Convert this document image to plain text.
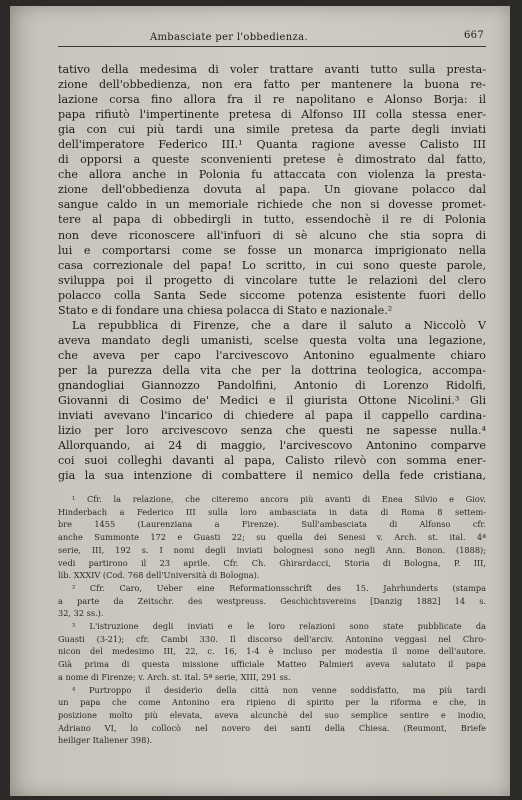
Ambasciate per l'obbedienza.	667
tativo della medesima di voler trattare avanti tutto sulla presta-
zione dell'obbedienza, non era fatto per mantenere la buona re-
lazione corsa fino allora fra il re napolitano e Alonso Borja: il
papa rifiutò l'impertinente pretesa di Alfonso III colla stessa ener-
gia con cui più tardi una simile pretesa da parte degli inviati
dell'imperatore Federico III.¹ Quanta ragione avesse Calisto III
di opporsi a queste sconvenienti pretese è dimostrato dal fatto,
che allora anche in Polonia fu attaccata con violenza la presta-
zione dell'obbedienza dovuta al papa. Un giovane polacco dal
sangue caldo in un memoriale richiede che non si dovesse promet-
tere al papa di obbedirgli in tutto, essendochè il re di Polonia
non deve riconoscere all'infuori di sè alcuno che stia sopra di
lui e comportarsi come se fosse un monarca imprigionato nella
casa correzionale del papa! Lo scritto, in cui sono queste parole,
sviluppa poi il progetto di vincolare tutte le relazioni del clero
polacco colla Santa Sede siccome potenza esistente fuori dello
Stato e di fondare una chiesa polacca di Stato e nazionale.²
La repubblica di Firenze, che a dare il saluto a Niccolò V
aveva mandato degli umanisti, scelse questa volta una legazione,
che aveva per capo l'arcivescovo Antonino egualmente chiaro
per la purezza della vita che per la dottrina teologica, accompa-
gnandogliai Giannozzo Pandolfini, Antonio di Lorenzo Ridolfi,
Giovanni di Cosimo de' Medici e il giurista Ottone Nicolini.³ Gli
inviati avevano l'incarico di chiedere al papa il cappello cardina-
lizio per loro arcivescovo senza che questi ne sapesse nulla.⁴
Allorquando, ai 24 di maggio, l'arcivescovo Antonino comparve
coi suoi colleghi davanti al papa, Calisto rilevò con somma ener-
gia la sua intenzione di combattere il nemico della fede cristiana,
¹ Cfr. la relazione, che citeremo ancora più avanti di Enea Silvio e Giov.
Hinderbach a Federico III sulla loro ambasciata in data di Roma 8 settem-
bre 1455 (Laurenziana a Firenze). Sull'ambasciata di Alfonso cfr.
anche Summonte 172 e Guasti 22; su quella dei Senesi v. Arch. st. ital. 4ª
serie, III, 192 s. I nomi degli inviati bolognesi sono negli Ann. Bonon. (1888);
vedi partirono il 23 aprile. Cfr. Ch. Ghirardacci, Storia di Bologna, P. III,
lib. XXXIV (Cod. 768 dell'Università di Bologna).
² Cfr. Caro, Ueber eine Reformationsschrift des 15. Jahrhunderts (stampa
a parte da Zeitschr. des westpreuss. Geschichtsvereins [Danzig 1882] 14 s.
32, 32 ss.).
³ L'istruzione degli inviati e le loro relazioni sono state pubblicate da
Guasti (3-21); cfr. Cambi 330. Il discorso dell'arciv. Antonino veggasi nel Chro-
nicon del medesimo III, 22, c. 16, 1-4 è incluso per modestia il nome dell'autore.
Già prima di questa missione ufficiale Matteo Palmieri aveva salutato il papa
a nome di Firenze; v. Arch. st. ital. 5ª serie, XIII, 291 ss.
⁴ Purtroppo il desiderio della città non venne soddisfatto, ma più tardi
un papa che come Antonino era ripieno di spirito per la riforma e che, in
posizione molto più elevata, aveva alcunchè del suo semplice sentire e inodio,
Adriano VI, lo collocò nel novero dei santi della Chiesa. (Reumont, Briefe
heiliger Italiener 398).
